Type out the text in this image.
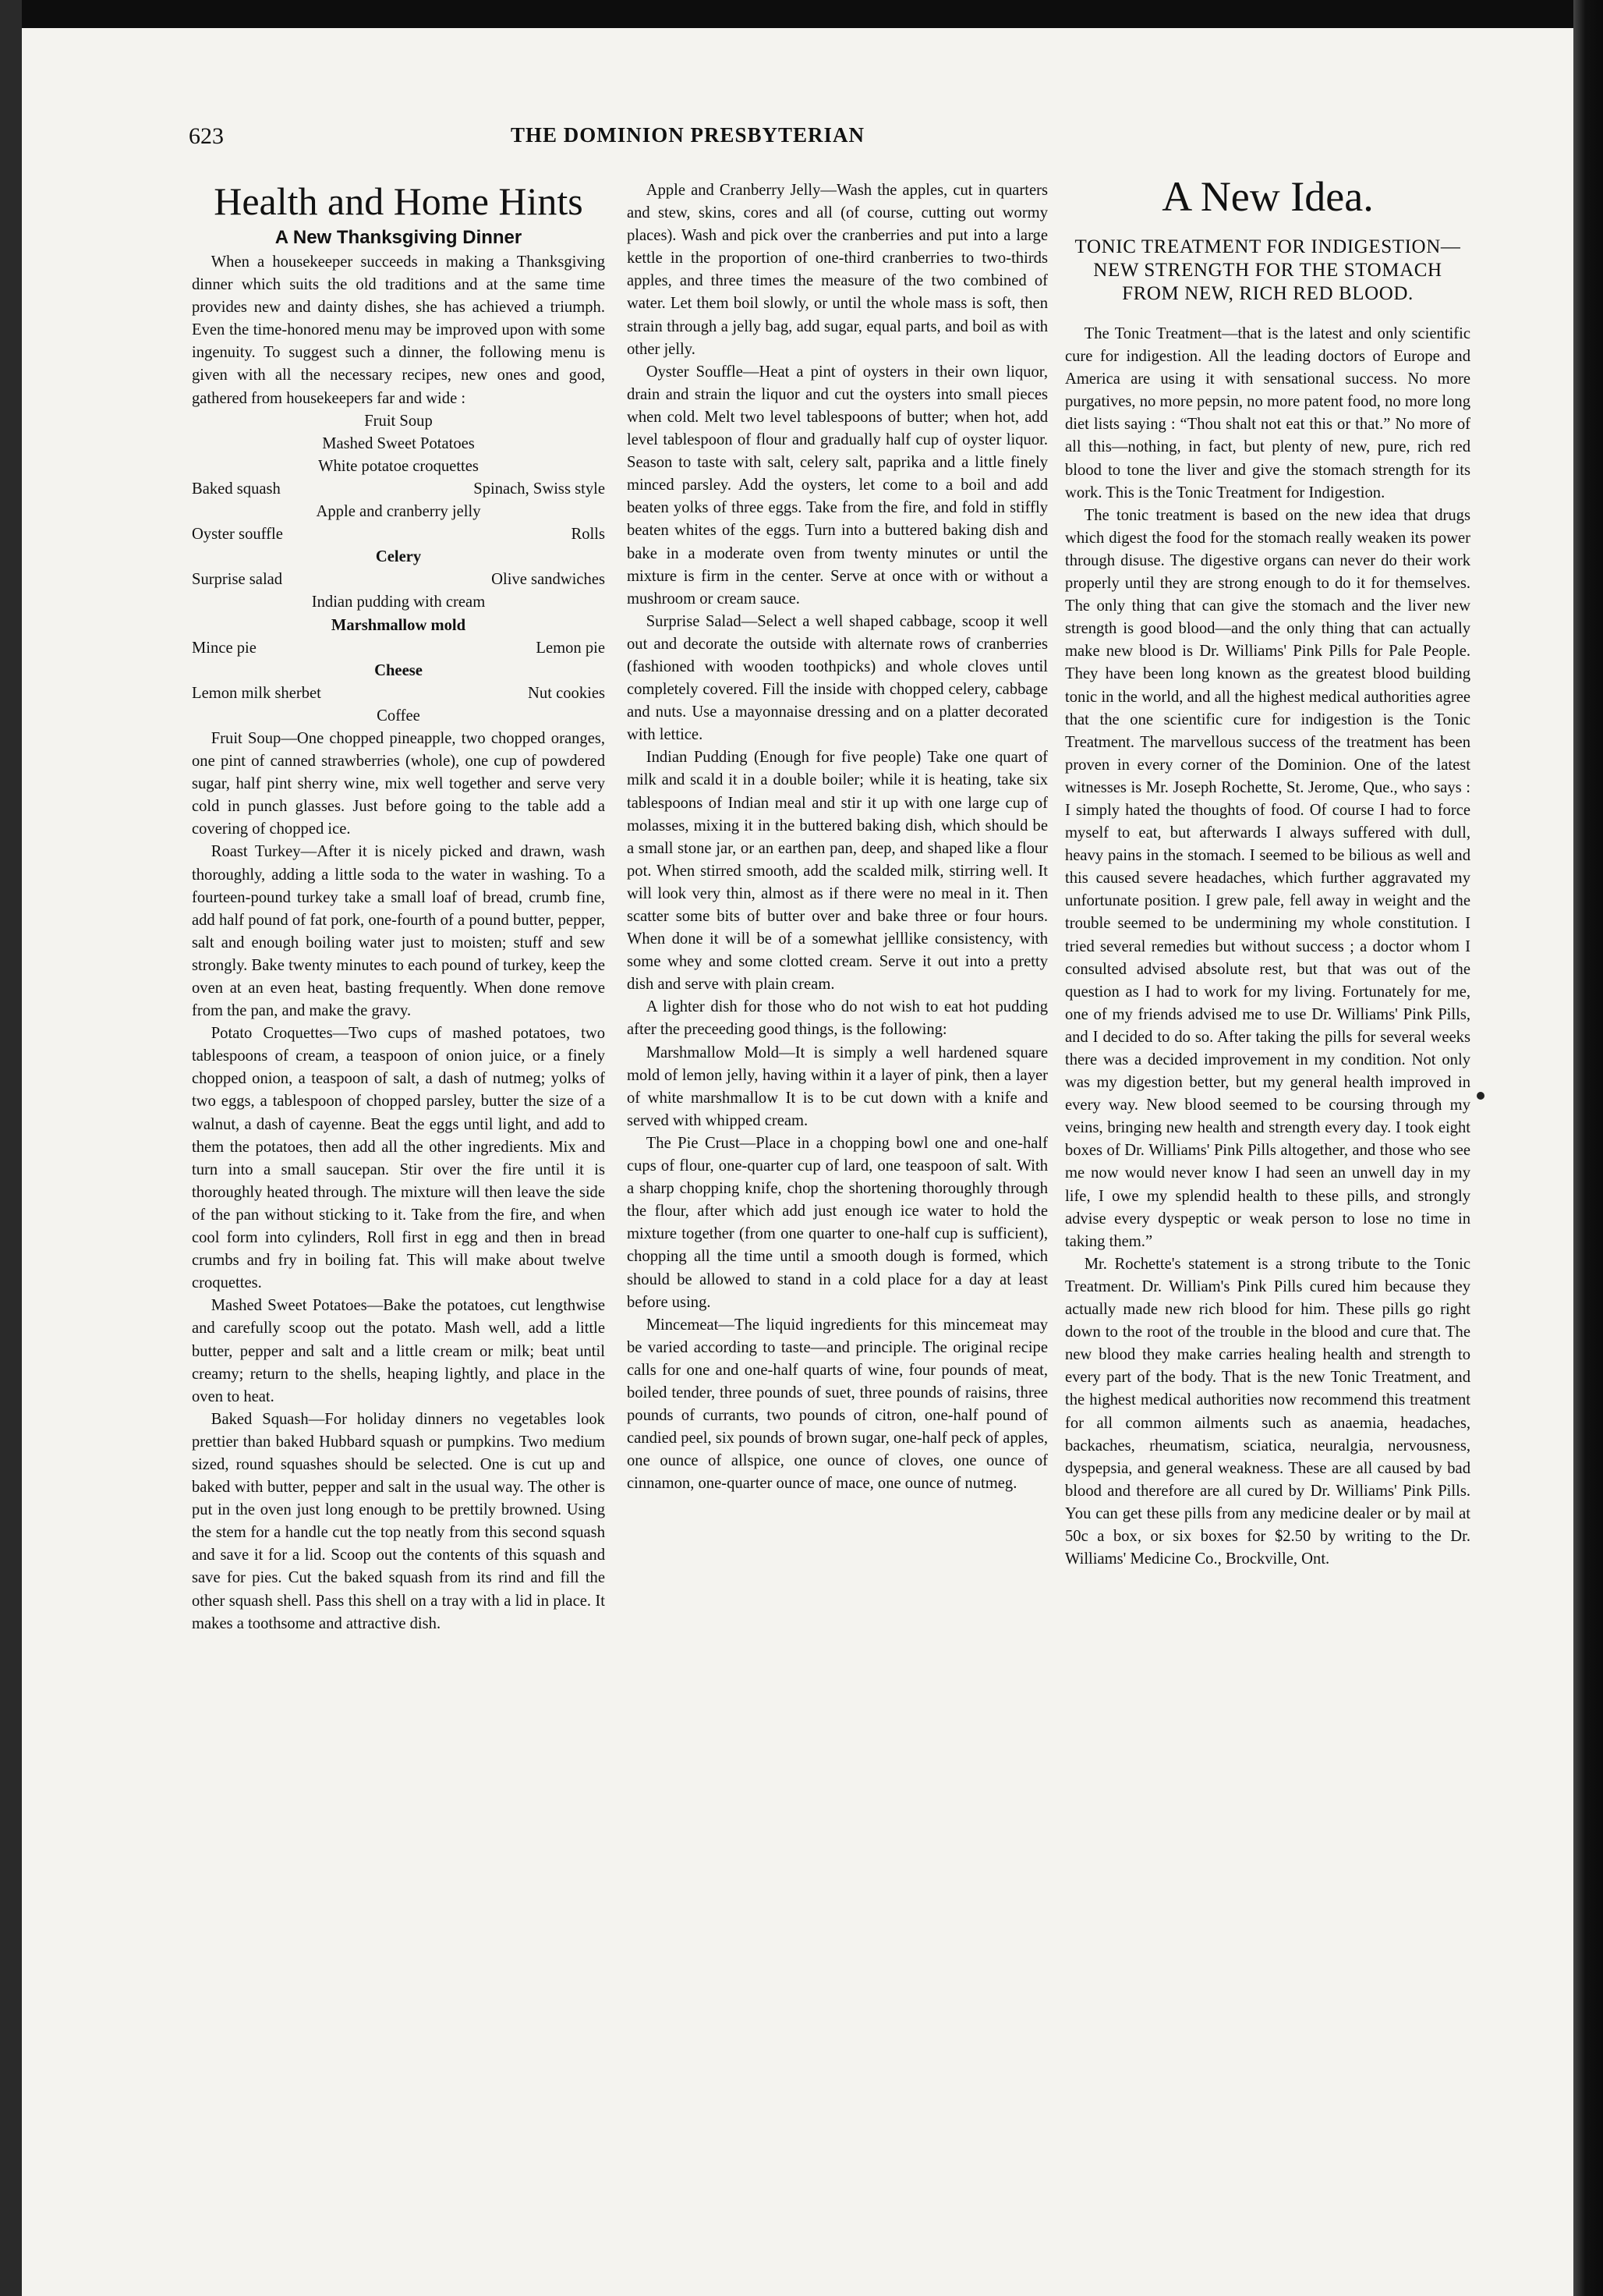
623	THE DOMINION PRESBYTERIAN
Health and Home Hints
A New Thanksgiving Dinner

When a housekeeper succeeds in making a Thanksgiving dinner which suits the old traditions and at the same time provides new and dainty dishes, she has achieved a triumph. Even the time-honored menu may be improved upon with some ingenuity. To suggest such a dinner, the following menu is given with all the necessary recipes, new ones and good, gathered from housekeepers far and wide :

Fruit Soup
Mashed Sweet Potatoes
White potatoe croquettes
Baked squash	Spinach, Swiss style
Apple and cranberry jelly
Oyster souffle	Rolls
Celery
Surprise salad	Olive sandwiches
Indian pudding with cream
Marshmallow mold
Mince pie	Lemon pie
Cheese
Lemon milk sherbet	Nut cookies
Coffee

Fruit Soup—One chopped pineapple, two chopped oranges, one pint of canned strawberries (whole), one cup of powdered sugar, half pint sherry wine, mix well together and serve very cold in punch glasses. Just before going to the table add a covering of chopped ice.

Roast Turkey—After it is nicely picked and drawn, wash thoroughly, adding a little soda to the water in washing. To a fourteen-pound turkey take a small loaf of bread, crumb fine, add half pound of fat pork, one-fourth of a pound butter, pepper, salt and enough boiling water just to moisten; stuff and sew strongly. Bake twenty minutes to each pound of turkey, keep the oven at an even heat, basting frequently. When done remove from the pan, and make the gravy.

Potato Croquettes—Two cups of mashed potatoes, two tablespoons of cream, a teaspoon of onion juice, or a finely chopped onion, a teaspoon of salt, a dash of nutmeg; yolks of two eggs, a tablespoon of chopped parsley, butter the size of a walnut, a dash of cayenne. Beat the eggs until light, and add to them the potatoes, then add all the other ingredients. Mix and turn into a small saucepan. Stir over the fire until it is thoroughly heated through. The mixture will then leave the side of the pan without sticking to it. Take from the fire, and when cool form into cylinders, Roll first in egg and then in bread crumbs and fry in boiling fat. This will make about twelve croquettes.

Mashed Sweet Potatoes—Bake the potatoes, cut lengthwise and carefully scoop out the potato. Mash well, add a little butter, pepper and salt and a little cream or milk; beat until creamy; return to the shells, heaping lightly, and place in the oven to heat.

Baked Squash—For holiday dinners no vegetables look prettier than baked Hubbard squash or pumpkins. Two medium sized, round squashes should be selected. One is cut up and baked with butter, pepper and salt in the usual way. The other is put in the oven just long enough to be prettily browned. Using the stem for a handle cut the top neatly from this second squash and save it for a lid. Scoop out the contents of this squash and save for pies. Cut the baked squash from its rind and fill the other squash shell. Pass this shell on a tray with a lid in place. It makes a toothsome and attractive dish.

Apple and Cranberry Jelly—Wash the apples, cut in quarters and stew, skins, cores and all (of course, cutting out wormy places). Wash and pick over the cranberries and put into a large kettle in the proportion of one-third cranberries to two-thirds apples, and three times the measure of the two combined of water. Let them boil slowly, or until the whole mass is soft, then strain through a jelly bag, add sugar, equal parts, and boil as with other jelly.

Oyster Souffle—Heat a pint of oysters in their own liquor, drain and strain the liquor and cut the oysters into small pieces when cold. Melt two level tablespoons of butter; when hot, add level tablespoon of flour and gradually half cup of oyster liquor. Season to taste with salt, celery salt, paprika and a little finely minced parsley. Add the oysters, let come to a boil and add beaten yolks of three eggs. Take from the fire, and fold in stiffly beaten whites of the eggs. Turn into a buttered baking dish and bake in a moderate oven from twenty minutes or until the mixture is firm in the center. Serve at once with or without a mushroom or cream sauce.

Surprise Salad—Select a well shaped cabbage, scoop it well out and decorate the outside with alternate rows of cranberries (fashioned with wooden toothpicks) and whole cloves until completely covered. Fill the inside with chopped celery, cabbage and nuts. Use a mayonnaise dressing and on a platter decorated with lettice.

Indian Pudding (Enough for five people) Take one quart of milk and scald it in a double boiler; while it is heating, take six tablespoons of Indian meal and stir it up with one large cup of molasses, mixing it in the buttered baking dish, which should be a small stone jar, or an earthen pan, deep, and shaped like a flour pot. When stirred smooth, add the scalded milk, stirring well. It will look very thin, almost as if there were no meal in it. Then scatter some bits of butter over and bake three or four hours. When done it will be of a somewhat jelllike consistency, with some whey and some clotted cream. Serve it out into a pretty dish and serve with plain cream.

A lighter dish for those who do not wish to eat hot pudding after the preceeding good things, is the following:

Marshmallow Mold—It is simply a well hardened square mold of lemon jelly, having within it a layer of pink, then a layer of white marshmallow It is to be cut down with a knife and served with whipped cream.

The Pie Crust—Place in a chopping bowl one and one-half cups of flour, one-quarter cup of lard, one teaspoon of salt. With a sharp chopping knife, chop the shortening thoroughly through the flour, after which add just enough ice water to hold the mixture together (from one quarter to one-half cup is sufficient), chopping all the time until a smooth dough is formed, which should be allowed to stand in a cold place for a day at least before using.

Mincemeat—The liquid ingredients for this mincemeat may be varied according to taste—and principle. The original recipe calls for one and one-half quarts of wine, four pounds of meat, boiled tender, three pounds of suet, three pounds of raisins, three pounds of currants, two pounds of citron, one-half pound of candied peel, six pounds of brown sugar, one-half peck of apples, one ounce of allspice, one ounce of cloves, one ounce of cinnamon, one-quarter ounce of mace, one ounce of nutmeg.

A New Idea.
TONIC TREATMENT FOR INDIGESTION—NEW STRENGTH FOR THE STOMACH FROM NEW, RICH RED BLOOD.

The Tonic Treatment—that is the latest and only scientific cure for indigestion. All the leading doctors of Europe and America are using it with sensational success. No more purgatives, no more pepsin, no more patent food, no more long diet lists saying : “Thou shalt not eat this or that.” No more of all this—nothing, in fact, but plenty of new, pure, rich red blood to tone the liver and give the stomach strength for its work. This is the Tonic Treatment for Indigestion.

The tonic treatment is based on the new idea that drugs which digest the food for the stomach really weaken its power through disuse. The digestive organs can never do their work properly until they are strong enough to do it for themselves. The only thing that can give the stomach and the liver new strength is good blood—and the only thing that can actually make new blood is Dr. Williams' Pink Pills for Pale People. They have been long known as the greatest blood building tonic in the world, and all the highest medical authorities agree that the one scientific cure for indigestion is the Tonic Treatment. The marvellous success of the treatment has been proven in every corner of the Dominion. One of the latest witnesses is Mr. Joseph Rochette, St. Jerome, Que., who says : I simply hated the thoughts of food. Of course I had to force myself to eat, but afterwards I always suffered with dull, heavy pains in the stomach. I seemed to be bilious as well and this caused severe headaches, which further aggravated my unfortunate position. I grew pale, fell away in weight and the trouble seemed to be undermining my whole constitution. I tried several remedies but without success ; a doctor whom I consulted advised absolute rest, but that was out of the question as I had to work for my living. Fortunately for me, one of my friends advised me to use Dr. Williams' Pink Pills, and I decided to do so. After taking the pills for several weeks there was a decided improvement in my condition. Not only was my digestion better, but my general health improved in every way. New blood seemed to be coursing through my veins, bringing new health and strength every day. I took eight boxes of Dr. Williams' Pink Pills altogether, and those who see me now would never know I had seen an unwell day in my life, I owe my splendid health to these pills, and strongly advise every dyspeptic or weak person to lose no time in taking them.”

Mr. Rochette's statement is a strong tribute to the Tonic Treatment. Dr. William's Pink Pills cured him because they actually made new rich blood for him. These pills go right down to the root of the trouble in the blood and cure that. The new blood they make carries healing health and strength to every part of the body. That is the new Tonic Treatment, and the highest medical authorities now recommend this treatment for all common ailments such as anaemia, headaches, backaches, rheumatism, sciatica, neuralgia, nervousness, dyspepsia, and general weakness. These are all caused by bad blood and therefore are all cured by Dr. Williams' Pink Pills. You can get these pills from any medicine dealer or by mail at 50c a box, or six boxes for $2.50 by writing to the Dr. Williams' Medicine Co., Brockville, Ont.
